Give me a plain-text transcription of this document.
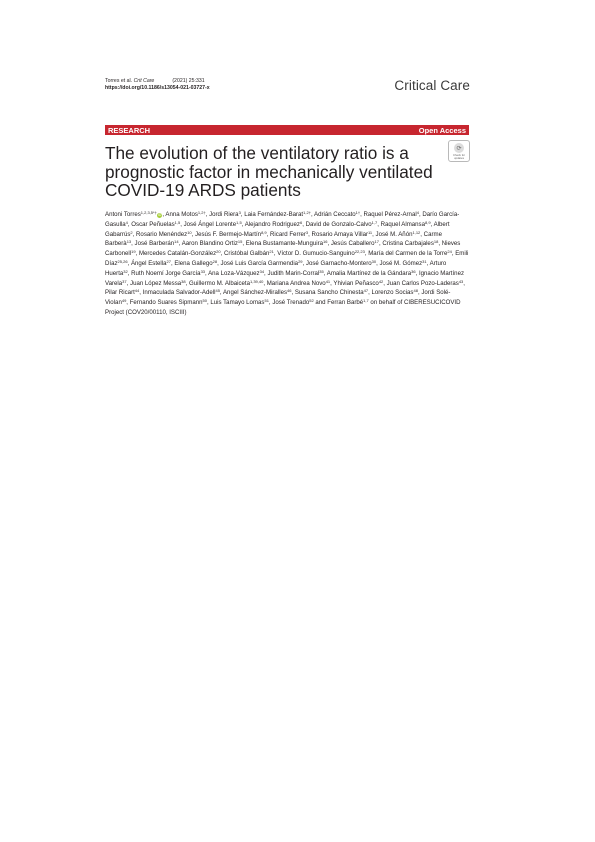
Torres et al. Crit Care	(2021) 25:331
https://doi.org/10.1186/s13054-021-03727-x	Critical Care
RESEARCH	Open Access
The evolution of the ventilatory ratio is a prognostic factor in mechanically ventilated COVID-19 ARDS patients
⟳
Check for
updates
Antoni Torres$^{1,2,3,5*\dagger}$iD, Anna Motos$^{1,2\dagger}$, Jordi Riera$^3$, Laia Fernández-Barat$^{1,2\dagger}$, Adrián Ceccato$^{1\dagger}$, Raquel Pérez-Arnal$^4$, Darío García-Gasulla$^4$, Oscar Peñuelas$^{1,5}$, José Ángel Lorente$^{1,5}$, Alejandro Rodriguez$^6$, David de Gonzalo-Calvo$^{1,7}$, Raquel Almansa$^{8,9}$, Albert Gabarrús$^2$, Rosario Menéndez$^{10}$, Jesús F. Bermejo-Martín$^{8,9}$, Ricard Ferrer$^3$, Rosario Amaya Villar$^{11}$, José M. Añón$^{1,12}$, Carme Barberà$^{13}$, José Barberán$^{14}$, Aaron Blandino Ortiz$^{15}$, Elena Bustamante-Munguira$^{16}$, Jesús Caballero$^{17}$, Cristina Carbajales$^{18}$, Nieves Carbonell$^{19}$, Mercedes Catalán-González$^{20}$, Cristóbal Galbán$^{21}$, Víctor D. Gumucio-Sanguino$^{22,23}$, María del Carmen de la Torre$^{24}$, Emili Díaz$^{25,26}$, Ángel Estella$^{27}$, Elena Gallego$^{28}$, José Luis García Garmendia$^{29}$, José Garnacho-Montero$^{30}$, José M. Gómez$^{31}$, Arturo Huerta$^{32}$, Ruth Noemí Jorge García$^{33}$, Ana Loza-Vázquez$^{34}$, Judith Marin-Corral$^{35}$, Amalia Martínez de la Gándara$^{36}$, Ignacio Martínez Varela$^{37}$, Juan López Messa$^{38}$, Guillermo M. Albaiceta$^{1,39,40}$, Mariana Andrea Novo$^{41}$, Yhivian Peñasco$^{42}$, Juan Carlos Pozo-Laderas$^{43}$, Pilar Ricart$^{44}$, Inmaculada Salvador-Adell$^{45}$, Angel Sánchez-Miralles$^{46}$, Susana Sancho Chinesta$^{47}$, Lorenzo Socias$^{48}$, Jordi Solé-Violan$^{49}$, Fernando Suares Sipmann$^{50}$, Luis Tamayo Lomas$^{51}$, José Trenado$^{52}$ and Ferran Barbé$^{1,7}$ on behalf of CIBERESUCICOVID Project (COV20/00110, ISCIII)
